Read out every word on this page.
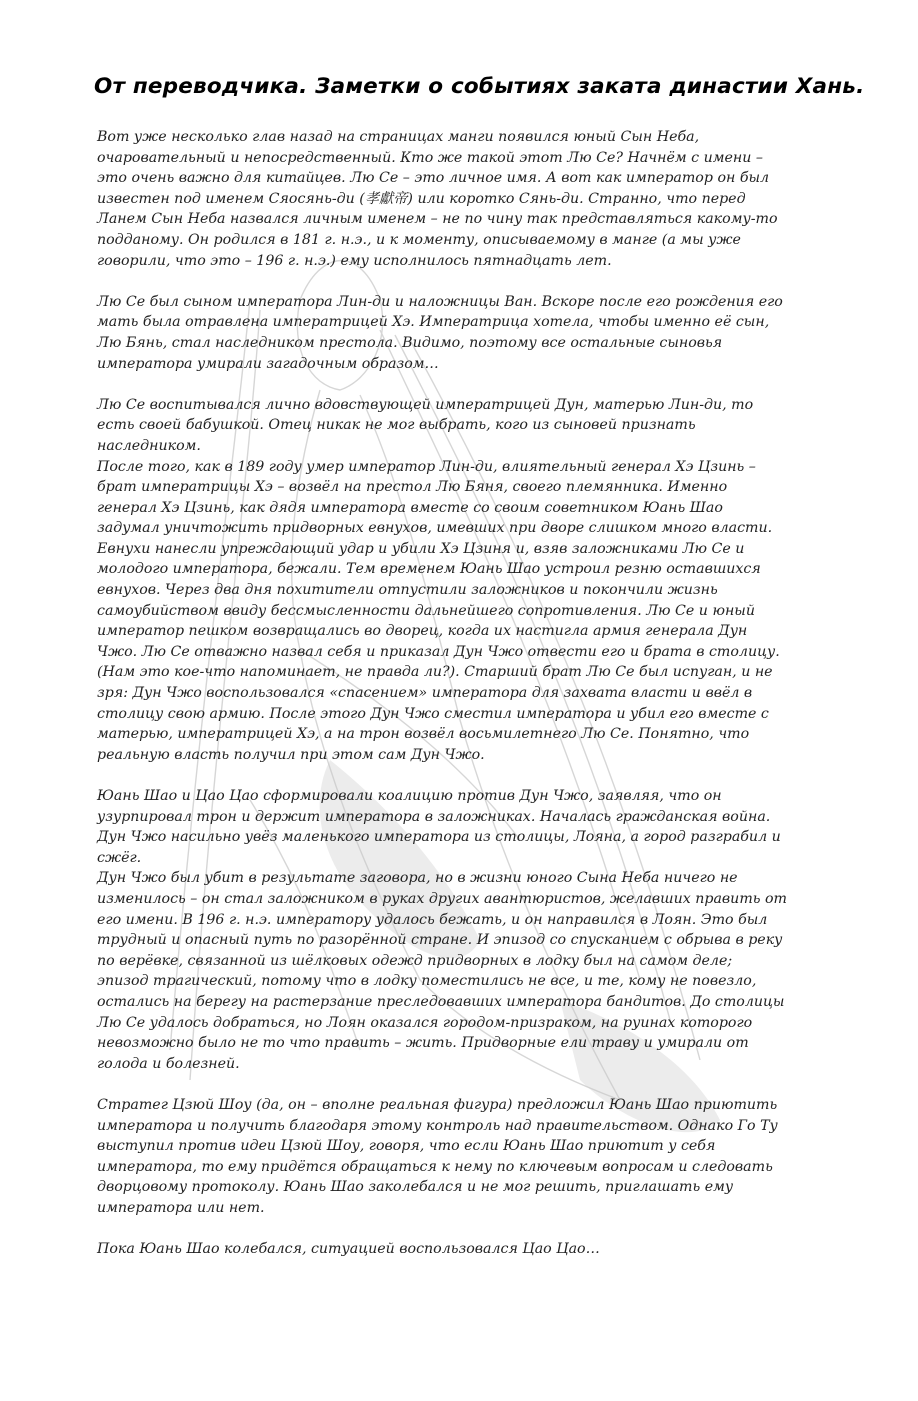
От переводчика. Заметки о событиях заката династии Хань.

Вот уже несколько глав назад на страницах манги появился юный Сын Неба, очаровательный и непосредственный. Кто же такой этот Лю Се? Начнём с имени – это очень важно для китайцев. Лю Се – это личное имя. А вот как император он был известен под именем Сяосянь-ди (孝獻帝) или коротко Сянь-ди. Странно, что перед Ланем Сын Неба назвался личным именем – не по чину так представляться какому-то подданому. Он родился в 181 г. н.э., и к моменту, описываемому в манге (а мы уже говорили, что это – 196 г. н.э.) ему исполнилось пятнадцать лет.

Лю Се был сыном императора Лин-ди и наложницы Ван. Вскоре после его рождения его мать была отравлена императрицей Хэ. Императрица хотела, чтобы именно её сын, Лю Бянь, стал наследником престола. Видимо, поэтому все остальные сыновья императора умирали загадочным образом…

Лю Се воспитывался лично вдовствующей императрицей Дун, матерью Лин-ди, то есть своей бабушкой. Отец никак не мог выбрать, кого из сыновей признать наследником.

После того, как в 189 году умер император Лин-ди, влиятельный генерал Хэ Цзинь – брат императрицы Хэ – возвёл на престол Лю Бяня, своего племянника. Именно генерал Хэ Цзинь, как дядя императора вместе со своим советником Юань Шао задумал уничтожить придворных евнухов, имевших при дворе слишком много власти. Евнухи нанесли упреждающий удар и убили Хэ Цзиня и, взяв заложниками Лю Се и молодого императора, бежали. Тем временем Юань Шао устроил резню оставшихся евнухов. Через два дня похитители отпустили заложников и покончили жизнь самоубийством ввиду бессмысленности дальнейшего сопротивления. Лю Се и юный император пешком возвращались во дворец, когда их настигла армия генерала Дун Чжо. Лю Се отважно назвал себя и приказал Дун Чжо отвести его и брата в столицу. (Нам это кое-что напоминает, не правда ли?). Старший брат Лю Се был испуган, и не зря: Дун Чжо воспользовался «спасением» императора для захвата власти и ввёл в столицу свою армию. После этого Дун Чжо сместил императора и убил его вместе с матерью, императрицей Хэ, а на трон возвёл восьмилетнего Лю Се. Понятно, что реальную власть получил при этом сам Дун Чжо.

Юань Шао и Цао Цао сформировали коалицию против Дун Чжо, заявляя, что он узурпировал трон и держит императора в заложниках. Началась гражданская война. Дун Чжо насильно увёз маленького императора из столицы, Лояна, а город разграбил и сжёг.

Дун Чжо был убит в результате заговора, но в жизни юного Сына Неба ничего не изменилось – он стал заложником в руках других авантюристов, желавших править от его имени. В 196 г. н.э. императору удалось бежать, и он направился в Лоян. Это был трудный и опасный путь по разорённой стране. И эпизод со спусканием с обрыва в реку по верёвке, связанной из шёлковых одежд придворных в лодку был на самом деле; эпизод трагический, потому что в лодку поместились не все, и те, кому не повезло, остались на берегу на растерзание преследовавших императора бандитов. До столицы Лю Се удалось добраться, но Лоян оказался городом-призраком, на руинах которого невозможно было не то что править – жить. Придворные ели траву и умирали от голода и болезней.

Стратег Цзюй Шоу (да, он – вполне реальная фигура) предложил Юань Шао приютить императора и получить благодаря этому контроль над правительством. Однако Го Ту выступил против идеи Цзюй Шоу, говоря, что если Юань Шао приютит у себя императора, то ему придётся обращаться к нему по ключевым вопросам и следовать дворцовому протоколу. Юань Шао заколебался и не мог решить, приглашать ему императора или нет.

Пока Юань Шао колебался, ситуацией воспользовался Цао Цао…
